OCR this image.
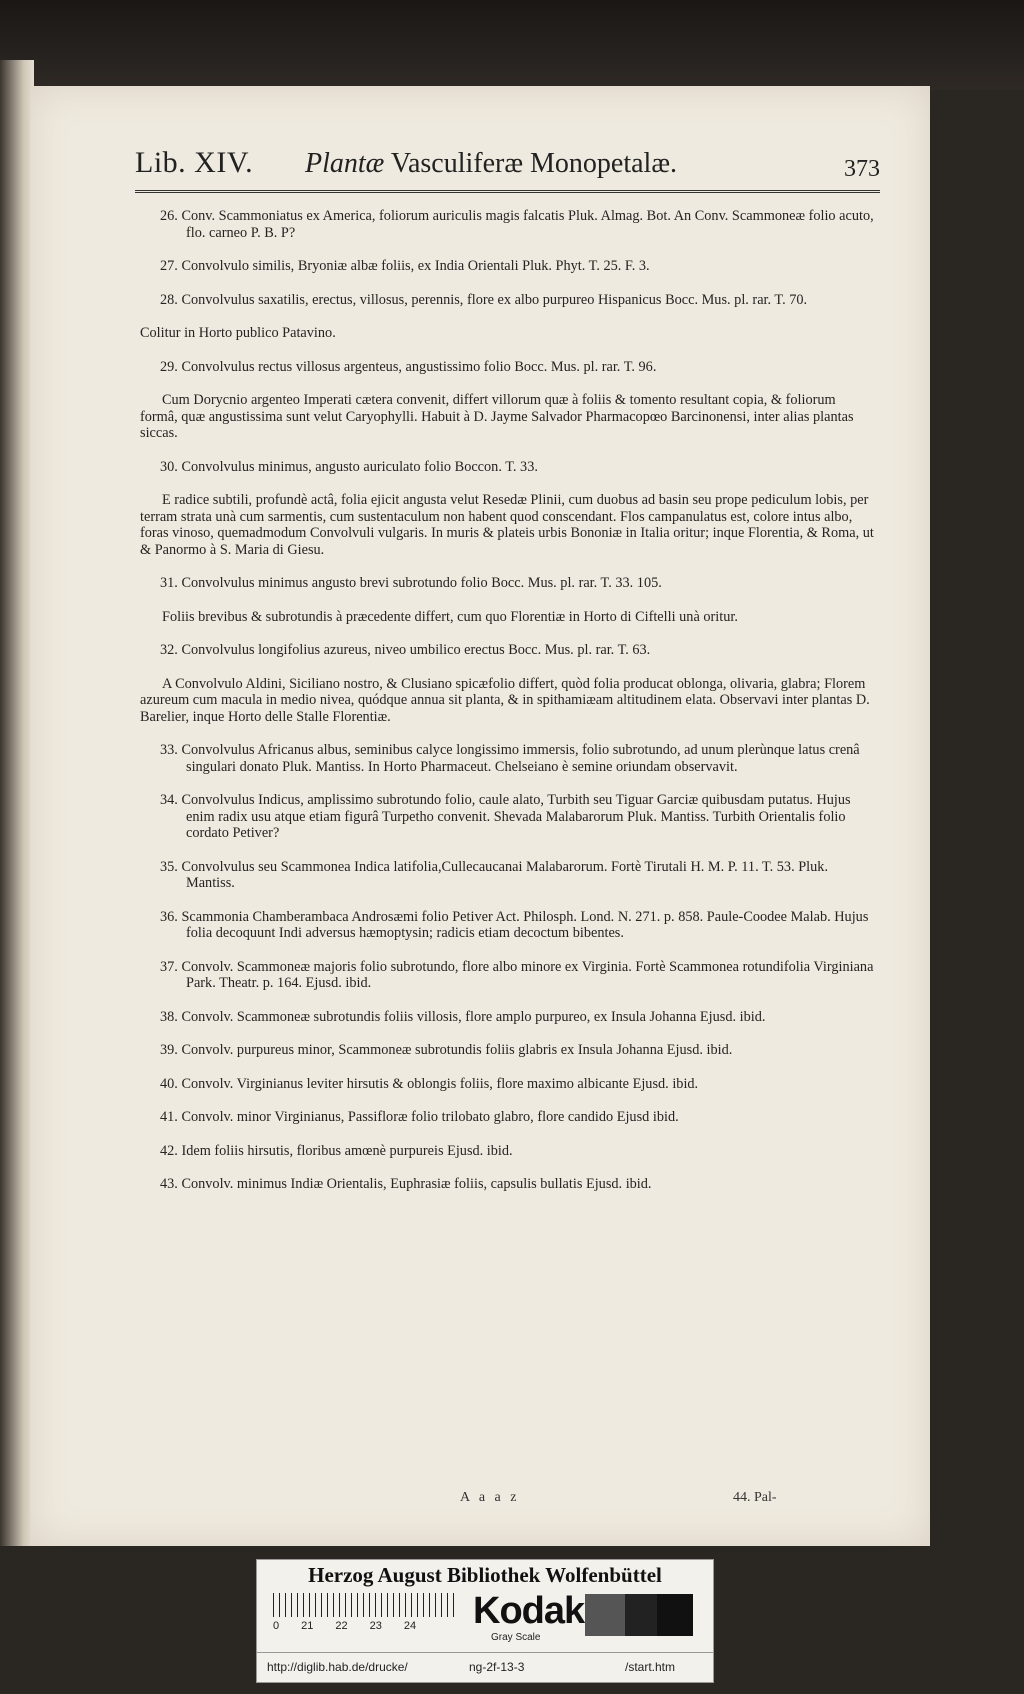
Lib. XIV. Plantæ Vasculiferæ Monopetalæ.	373

26. Conv. Scammoniatus ex America, foliorum auriculis magis falcatis Pluk. Almag. Bot. An Conv. Scammoneæ folio acuto, flo. carneo P. B. P?

27. Convolvulo similis, Bryoniæ albæ foliis, ex India Orientali Pluk. Phyt. T. 25. F. 3.

28. Convolvulus saxatilis, erectus, villosus, perennis, flore ex albo purpureo Hispanicus Bocc. Mus. pl. rar. T. 70.

Colitur in Horto publico Patavino.

29. Convolvulus rectus villosus argenteus, angustissimo folio Bocc. Mus. pl. rar. T. 96.

Cum Dorycnio argenteo Imperati cætera convenit, differt villorum quæ à foliis & tomento resultant copia, & foliorum formâ, quæ angustissima sunt velut Caryophylli. Habuit à D. Jayme Salvador Pharmacopœo Barcinonensi, inter alias plantas siccas.

30. Convolvulus minimus, angusto auriculato folio Boccon. T. 33.

E radice subtili, profundè actâ, folia ejicit angusta velut Resedæ Plinii, cum duobus ad basin seu prope pediculum lobis, per terram strata unà cum sarmentis, cum sustentaculum non habent quod conscendant. Flos campanulatus est, colore intus albo, foras vinoso, quemadmodum Convolvuli vulgaris. In muris & plateis urbis Bononiæ in Italia oritur; inque Florentia, & Roma, ut & Panormo à S. Maria di Giesu.

31. Convolvulus minimus angusto brevi subrotundo folio Bocc. Mus. pl. rar. T. 33. 105.

Foliis brevibus & subrotundis à præcedente differt, cum quo Florentiæ in Horto di Ciftelli unà oritur.

32. Convolvulus longifolius azureus, niveo umbilico erectus Bocc. Mus. pl. rar. T. 63.

A Convolvulo Aldini, Siciliano nostro, & Clusiano spicæfolio differt, quòd folia producat oblonga, olivaria, glabra; Florem azureum cum macula in medio nivea, quódque annua sit planta, & in spithamiæam altitudinem elata. Observavi inter plantas D. Barelier, inque Horto delle Stalle Florentiæ.

33. Convolvulus Africanus albus, seminibus calyce longissimo immersis, folio subrotundo, ad unum plerùnque latus crenâ singulari donato Pluk. Mantiss. In Horto Pharmaceut. Chelseiano è semine oriundam observavit.

34. Convolvulus Indicus, amplissimo subrotundo folio, caule alato, Turbith seu Tiguar Garciæ quibusdam putatus. Hujus enim radix usu atque etiam figurâ Turpetho convenit. Shevada Malabarorum Pluk. Mantiss. Turbith Orientalis folio cordato Petiver?

35. Convolvulus seu Scammonea Indica latifolia,Cullecaucanai Malabarorum. Fortè Tirutali H. M. P. 11. T. 53. Pluk. Mantiss.

36. Scammonia Chamberambaca Androsæmi folio Petiver Act. Philosph. Lond. N. 271. p. 858. Paule-Coodee Malab. Hujus folia decoquunt Indi adversus hæmoptysin; radicis etiam decoctum bibentes.

37. Convolv. Scammoneæ majoris folio subrotundo, flore albo minore ex Virginia. Fortè Scammonea rotundifolia Virginiana Park. Theatr. p. 164. Ejusd. ibid.

38. Convolv. Scammoneæ subrotundis foliis villosis, flore amplo purpureo, ex Insula Johanna Ejusd. ibid.

39. Convolv. purpureus minor, Scammoneæ subrotundis foliis glabris ex Insula Johanna Ejusd. ibid.

40. Convolv. Virginianus leviter hirsutis & oblongis foliis, flore maximo albicante Ejusd. ibid.

41. Convolv. minor Virginianus, Passifloræ folio trilobato glabro, flore candido Ejusd ibid.

42. Idem foliis hirsutis, floribus amœnè purpureis Ejusd. ibid.

43. Convolv. minimus Indiæ Orientalis, Euphrasiæ foliis, capsulis bullatis Ejusd. ibid.

A a a z	44. Pal-
Herzog August Bibliothek Wolfenbüttel
0 21 22 23 24	Kodak
Gray Scale
http://diglib.hab.de/drucke/	ng-2f-13-3	/start.htm
